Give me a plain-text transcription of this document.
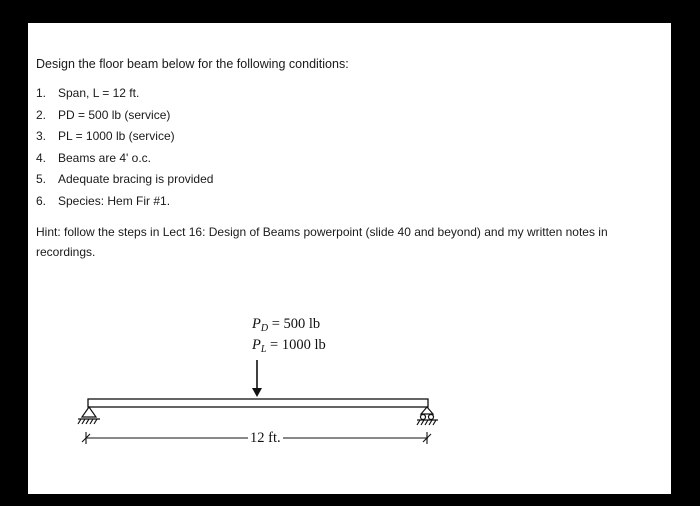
Design the floor beam below for the following conditions:
1. Span, L = 12 ft.
2. PD = 500 lb (service)
3. PL = 1000 lb (service)
4. Beams are 4' o.c.
5. Adequate bracing is provided
6. Species: Hem Fir #1.
Hint: follow the steps in Lect 16: Design of Beams powerpoint (slide 40 and beyond) and my written notes in recordings.
$P_D = 500$ lb
$P_L = 1000$ lb
12 ft.
